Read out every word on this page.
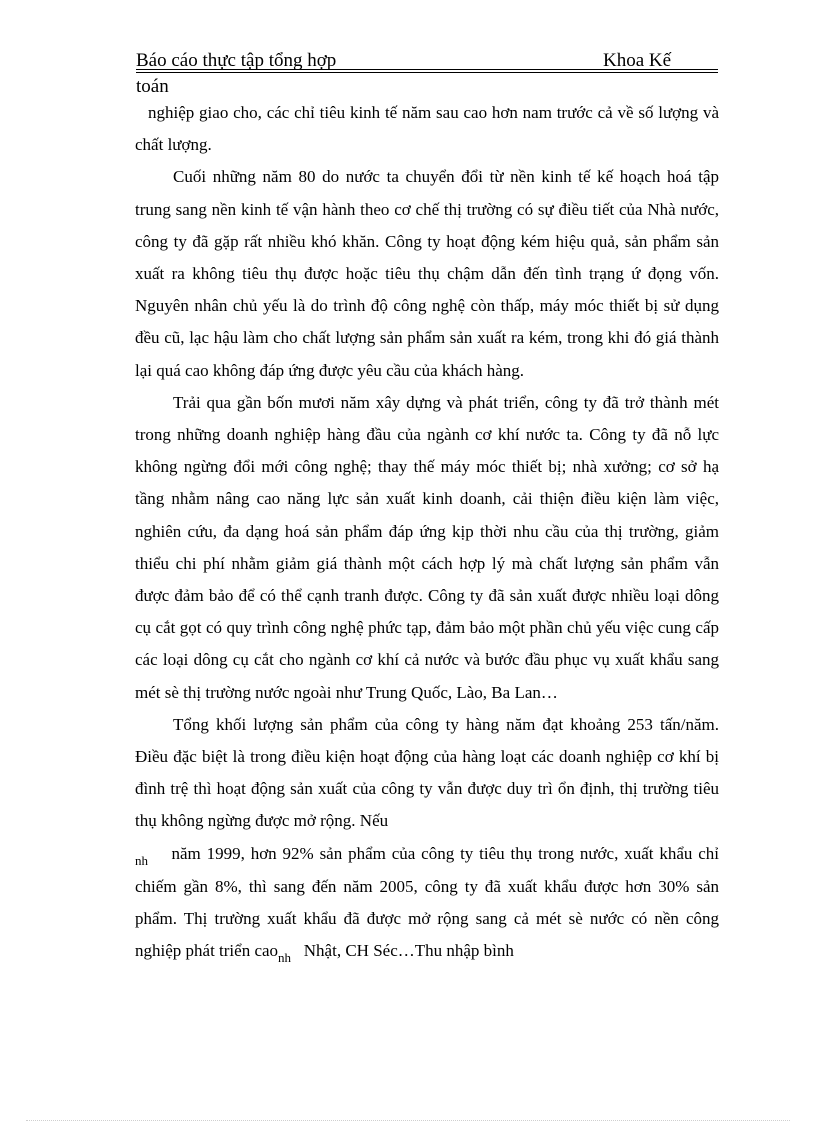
Báo cáo thực tập tổng hợp	Khoa Kế
toán

nghiệp giao cho, các chỉ tiêu kinh tế năm sau cao hơn nam trước cả về số lượng và chất lượng.

Cuối những năm 80 do nước ta chuyển đổi từ nền kinh tế kế hoạch hoá tập trung sang nền kinh tế vận hành theo cơ chế thị trường có sự điều tiết của Nhà nước, công ty đã gặp rất nhiều khó khăn. Công ty hoạt động kém hiệu quả, sản phẩm sản xuất ra không tiêu thụ được hoặc tiêu thụ chậm dẫn đến tình trạng ứ đọng vốn. Nguyên nhân chủ yếu là do trình độ công nghệ còn thấp, máy móc thiết bị sử dụng đều cũ, lạc hậu làm cho chất lượng sản phẩm sản xuất ra kém, trong khi đó giá thành lại quá cao không đáp ứng được yêu cầu của khách hàng.

Trải qua gần bốn mươi năm xây dựng và phát triển, công ty đã trở thành mét trong những doanh nghiệp hàng đầu của ngành cơ khí nước ta. Công ty đã nỗ lực không ngừng đổi mới công nghệ; thay thế máy móc thiết bị; nhà xưởng; cơ sở hạ tầng nhằm nâng cao năng lực sản xuất kinh doanh, cải thiện điều kiện làm việc, nghiên cứu, đa dạng hoá sản phẩm đáp ứng kịp thời nhu cầu của thị trường, giảm thiểu chi phí nhằm giảm giá thành một cách hợp lý mà chất lượng sản phẩm vẫn được đảm bảo để có thể cạnh tranh được. Công ty đã sản xuất được nhiều loại dông cụ cắt gọt có quy trình công nghệ phức tạp, đảm bảo một phần chủ yếu việc cung cấp các loại dông cụ cắt cho ngành cơ khí cả nước và bước đầu phục vụ xuất khẩu sang mét sè thị trường nước ngoài như Trung Quốc, Lào, Ba Lan…

Tổng khối lượng sản phẩm của công ty hàng năm đạt khoảng 253 tấn/năm. Điều đặc biệt là trong điều kiện hoạt động của hàng loạt các doanh nghiệp cơ khí bị đình trệ thì hoạt động sản xuất của công ty vẫn được duy trì ổn định, thị trường tiêu thụ không ngừng được mở rộng. Nếu
$_{nh}$ năm 1999, hơn 92% sản phẩm của công ty tiêu thụ trong nước, xuất khẩu chỉ chiếm gần 8%, thì sang đến năm 2005, công ty đã xuất khẩu được hơn 30% sản phẩm. Thị trường xuất khẩu đã được mở rộng sang cả mét sè nước có nền công nghiệp phát triển cao$_{nh}$ Nhật, CH Séc…Thu nhập bình
